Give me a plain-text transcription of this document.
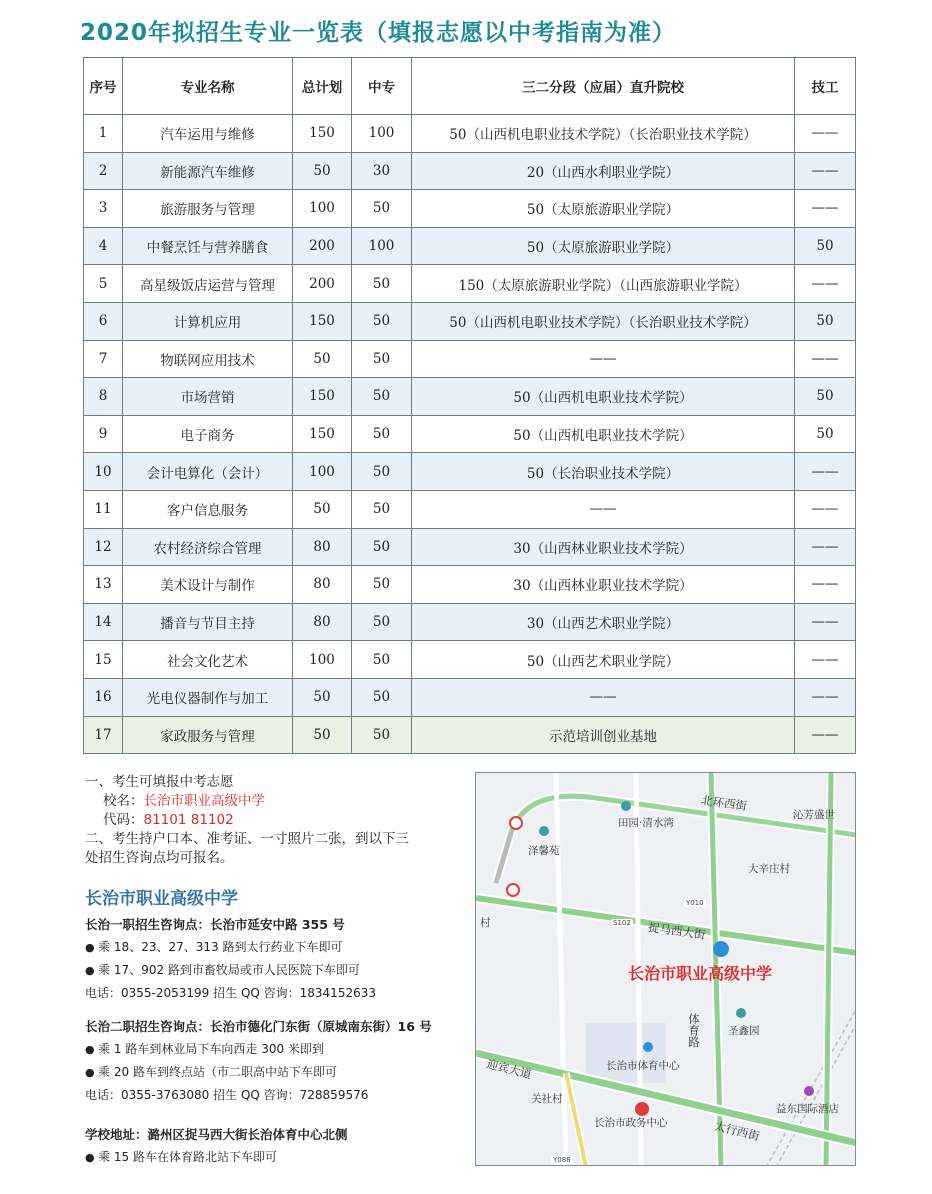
2020年拟招生专业一览表（填报志愿以中考指南为准）
序号	专业名称	总计划	中专	三二分段（应届）直升院校	技工
1	汽车运用与维修	150	100	50（山西机电职业技术学院）（长治职业技术学院）	——
2	新能源汽车维修	50	30	20（山西水利职业学院）	——
3	旅游服务与管理	100	50	50（太原旅游职业学院）	——
4	中餐烹饪与营养膳食	200	100	50（太原旅游职业学院）	50
5	高星级饭店运营与管理	200	50	150（太原旅游职业学院）（山西旅游职业学院）	——
6	计算机应用	150	50	50（山西机电职业技术学院）（长治职业技术学院）	50
7	物联网应用技术	50	50	——	——
8	市场营销	150	50	50（山西机电职业技术学院）	50
9	电子商务	150	50	50（山西机电职业技术学院）	50
10	会计电算化（会计）	100	50	50（长治职业技术学院）	——
11	客户信息服务	50	50	——	——
12	农村经济综合管理	80	50	30（山西林业职业技术学院）	——
13	美术设计与制作	80	50	30（山西林业职业技术学院）	——
14	播音与节目主持	80	50	30（山西艺术职业学院）	——
15	社会文化艺术	100	50	50（山西艺术职业学院）	——
16	光电仪器制作与加工	50	50	——	——
17	家政服务与管理	50	50	示范培训创业基地	——
一、考生可填报中考志愿
校名：长治市职业高级中学
代码：81101 81102
二、考生持户口本、准考证、一寸照片二张，到以下三
处招生咨询点均可报名。
长治市职业高级中学
长治一职招生咨询点：长治市延安中路 355 号
● 乘 18、23、27、313 路到太行药业下车即可
● 乘 17、902 路到市畜牧局或市人民医院下车即可
电话：0355-2053199 招生 QQ 咨询：1834152633
长治二职招生咨询点：长治市德化门东街（原城南东街）16 号
● 乘 1 路车到林业局下车向西走 300 米即到
● 乘 20 路车到终点站（市二职高中站下车即可
电话：0355-3763080 招生 QQ 咨询：728859576
学校地址：潞州区捉马西大街长治体育中心北侧
● 乘 15 路车在体育路北站下车即可
北环西街
捉马西大街
体育路
迎宾大道
太行西街
田园·清水湾
沁芳盛世
泽馨苑
大辛庄村
村
长治市职业高级中学
圣鑫园
长治市体育中心
关社村
长治市政务中心
益东国际酒店
S102
Y010
Y088
